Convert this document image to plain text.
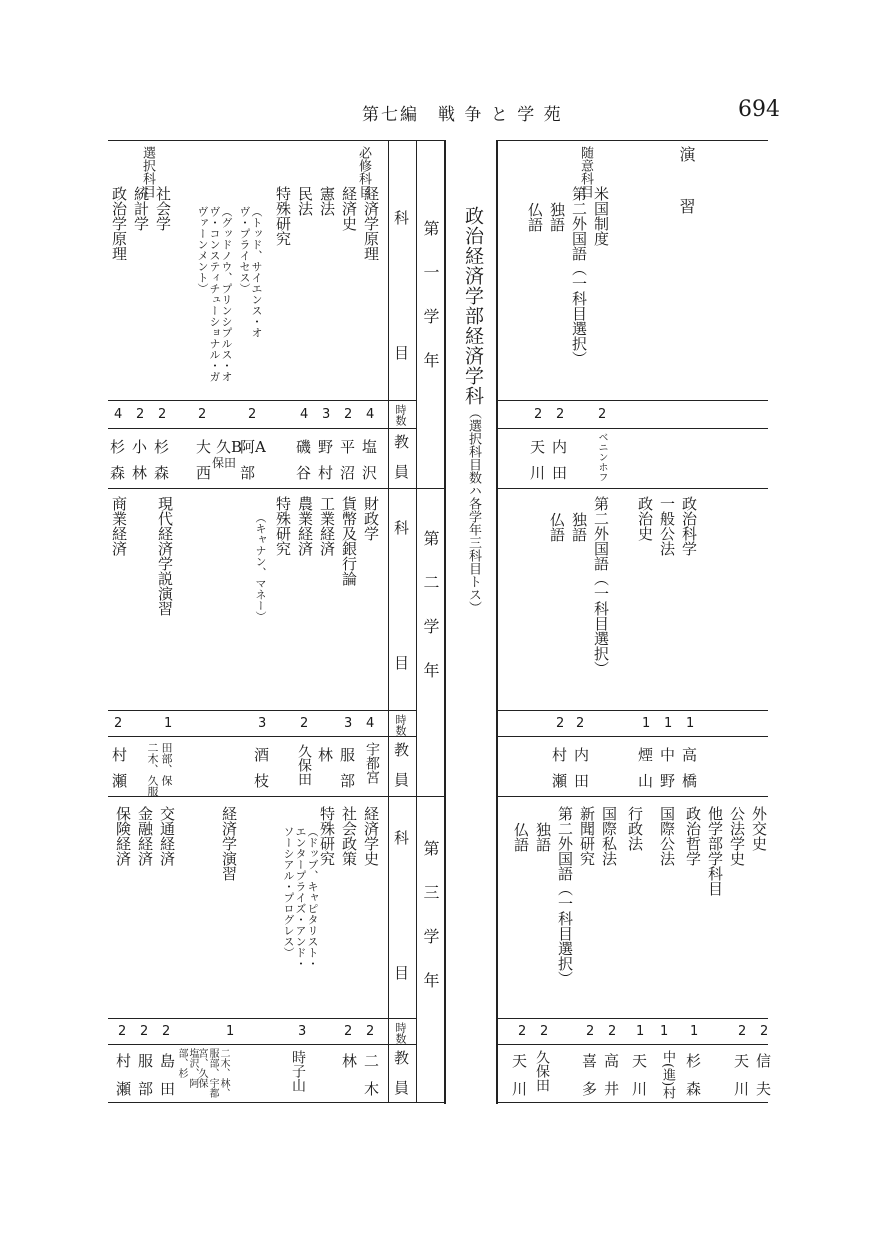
第七編　戦 争 と 学 苑	694
第　一　学　年
第　二　学　年
第　三　学　年
科　　目
時数
教　員
科　　目
時数
教　員
科　　目
時数
教　員
必修科目
選択科目
経済学原理
経済史
憲法
民法
特殊研究
（トッド、サイエンス・オヴ・プライセス）
（グッドノウ、プリンシプルス・オヴ・コンスティチューショナル・ガヴァーンメント）
社会学
統計学
政治学原理
4
2
3
4
2
2
2
2
4
塩
平
野
磯
阿A
久B
大
杉
小
杉
沢
沼
村
谷
部
保田
西
森
林
森
財政学
貨幣及銀行論
工業経済
農業経済
特殊研究
（キャナン、マネー）
現代経済学説演習
商業経済
4
3
2
3
1
2
宇都宮
服
林
久保田
酒
二木、久服
村
部
枝
田部、保
瀬
経済学史
社会政策
特殊研究
（ドッブ、キャピタリスト・エンタープライズ・アンド・ソーシアル・プログレス）
経済学演習
交通経済
金融経済
保険経済
2
2
3
1
2
2
2
二
林
時子山
二木、林、服部、宇都宮、久保
島
服
村
木
塩沢、阿部、杉
田
部
瀬
政治経済学部経済学科
（選択科目数ハ各学年三科目トス）
演　習
随意科目
米国制度
第二外国語（一科目選択）
独語
仏語
2
2
2
ベニンホフ
内
天
田
川
政治科学
一般公法
政治史
第二外国語（一科目選択）
独語
仏語
1
1
1
2
2
高
中
煙
内
村
橋
野
山
田
瀬
外交史
公法学史
他学部学科目
政治哲学
国際公法
行政法
国際私法
新聞研究
第二外国語（一科目選択）
独語
仏語
2
2
1
1
1
2
2
2
2
信
天
杉
中(進)村
天
高
喜
久保田
天
夫
川
森
川
井
多
川
